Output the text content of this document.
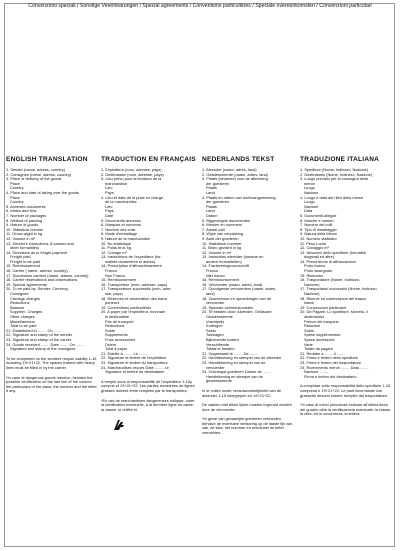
Convenzioni speciali / Sonstige Vereinbarungen / Special agreements / Conventions particulières / Speciale overeenkomsten / Convenzioni particolari
ENGLISH TRANSLATION
1. Sender (name, adress, country)
2. Consignee (name, adress, country)
3. Place of delivery of the goods
Place
Country
4. Place and date of taking over the goods
Place
Country
5. Annexed documents
6. Marks and Nos
7. Number of packages
8. Method of packing
9. Nature of goods
10. Statistical number
11. Gross wight in kg
12. Volume in m³
13. Sender's instructions (Customs and
other formalities)
14. Directions as to freight payment
Freight paid
Freight to be paid
15. Reimbursement
16. Carrier ( name, adress, country)
17. Successive carriers (name, adress, country)
18. Carrier reservations and observations
19. Special agreements
20. To be paid by: Sender, Currency,
Consignee
Carriage charges
Reductions
Balance
Supplem. Charges
Other charges
Miscellaneous
Total to be paid
21. Established in ........ On ........
22. Signature and stamp of the sender
23. Signature and stamp of the carrier
24. Goods received ........ Date ........ On ........
Signature and stamp of the consignee
To be completed on the senders respon-sability 1-15 including 19+21+22. The spaces framed with heavy lines must be filled in by the carrier.
*In case of dangerous goods mention, besides the possible certification on the last line of the column the particulars of the class, the number and the letter, if any.
TRADUCTION EN FRANÇAIS
1. Expéditeur (nom, adresse, pays)
2. Destinataire (nom, adresse, pays)
3. Lieu prévu pour la livraison de la
marchandise
Lieu
Pays
4. Lieu et date de la prise en charge
de la marchandise
Lieu
Pays
Date
5. Documents annexes
6. Marques et numeros
7. Nombre des colis
8. Mode d'emballage
9. Nature de la marchandise
10. No statistique
11. Poids brut, kg
12. Cubage m³
13. Instructions de l'expéditeur (for-
malités douanières et autres)
14. Prescription d'affranchissement
Franco
Non Franco
15. Remboursement
16. Transporteur (nom, adresse, pays)
17. Transporteurs successifs (nom, adre-
sse, pays)
18. Réserves et observation des trans-
porteurs
19. Conventions particulières
20. A payer par l'expéditeur, monnaie
le destinataire
Prix de transport
Reductions
Solde
Supplements
Frais accessoires
Divers
Total à payer
21. Etablie à ........ Le ........
22. Signature et timbre de l'expéditeur
23. Signature et timbre du transporteur
24. Marchandises reçues Date ........ Le
Signature et timbre du destinataire
A remplir sous la responsabilité de l'expéditeur 1-15y compris et 19+21+22. Les parties encadrées de lignes grasses doivent entre remplies par le transporteur.
*En cas de marchandises dangereuses indiquer, outre la certification eventuelle, à la dernière ligne du cadre: la classe, le chiffre et
NEDERLANDS TEKST
1. Afzender (naam, adres, land)
2. Geadresseerde (naam, adres, land)
3. Plaats (bestemd) voor de aflevering
der goederen
Plaats
Land
4. Plaats en datum van inontvangstneming
der goederen
Plaats
Land
Datum
5. Bijgevoegde documenten
6. Merken en nummers
7. Aantal colli
8. Wijze van verpakking
9. Aard der goederen
10. Statistisch nummer
11. Bruto gewicht in kg
12. Volume in m³
13. Instructies afzender (douane-en
andere formaliteiten)
14. Frankeeringsvoorschrift
Franco
Niet franco
15. Rembourssement
16. Vervoerder (naam, adres, land)
17. Opvolgende vervoerders (naam, adres,
land)
18. Voorbehoud en opmerkingen van de
vervoerder
19. Speciale overeenkomsten
20. Te betalen door: Afzender, Geldsoort
Geadresseerde
Vrachtprijs
Kortingen
Saldo
Toeslagen
Bijkomende kosten
Verschillende
Totaal te betalen
21. Opgemaakt te ........ De ........
22. Handtekening en stempel van de afzender
23. Handtekening en stempel van de
vervoerder
24. Ontvangst goederen Datum de ........
Handtekening en stempel van de
geadresseerde
In te vullen onder verantwoordelijkheid van de afzender 1-15 inbegrepen en 19+21+22.
De vakken met dikke lijnen moeten ingevuld worden door de vervoerder.
*In geval van gevaarlijke goederen vermelden, behalve de eventuele verklaring op de laaste lijn van vak, de klas, het nummer en eventueel de letter vermelden.
TRADUZIONE ITALIANA
1. Speditore (Nome, Indirizzo, Nazione)
2. Destinatario (Nome, Indirizzo, Nazione)
3. Luogo previsto per la consegna della
merce
Luogo
Nazione
4. Luogo e data del ritiro della merce
Luogo
Nazione
Data
5. Documenti allegati
6. Marche e numeri
7. Numero dei colli
8. Tipo di imballaggio
9. Natura della Merce
10. Numero statistico
11. Peso Lordo
12. Cubaggio m³
13. Istruzioni dello speditore (formalità
doganali ed altre)
14. Prescrizione di affrancazione
Porto franco
Porto assegnato
15. Rimborso
16. Trasportatore (Nome, Indirizzo,
Nazione)
17. Trasportatori successivi (Nome, Indirizzo,
Nazione)
18. Riserve ed osservazioni dei traspo-
rtatori
19. Convenzioni particolari
20. Da Pagare: Lo speditore, Moneta, il
destinatario
Prezzo del trasporto
Riduzioni
Saldo
Spese supplementari
Spese accessorie
Varie
Totale da pagare
21. Redatto a ........ il ........
22. Firma e timbro dello speditore
23. Firma e timbro del trasportatore
24. Ricevimento merce ........ Data ........
Nazione ........
Firma e timbro del destinatario
A compilare sotto responsabilità dello speditore 1-15 compresa e 19+21+22. Le parti incorniciate con grassetto devono essere riempite dal trasportatore.
*In caso di merci pericolose indicare all'ultima linea del quadro oltre la certificazione eventuale: la classe, la cifra, ed in occorrenza, la lettera.
